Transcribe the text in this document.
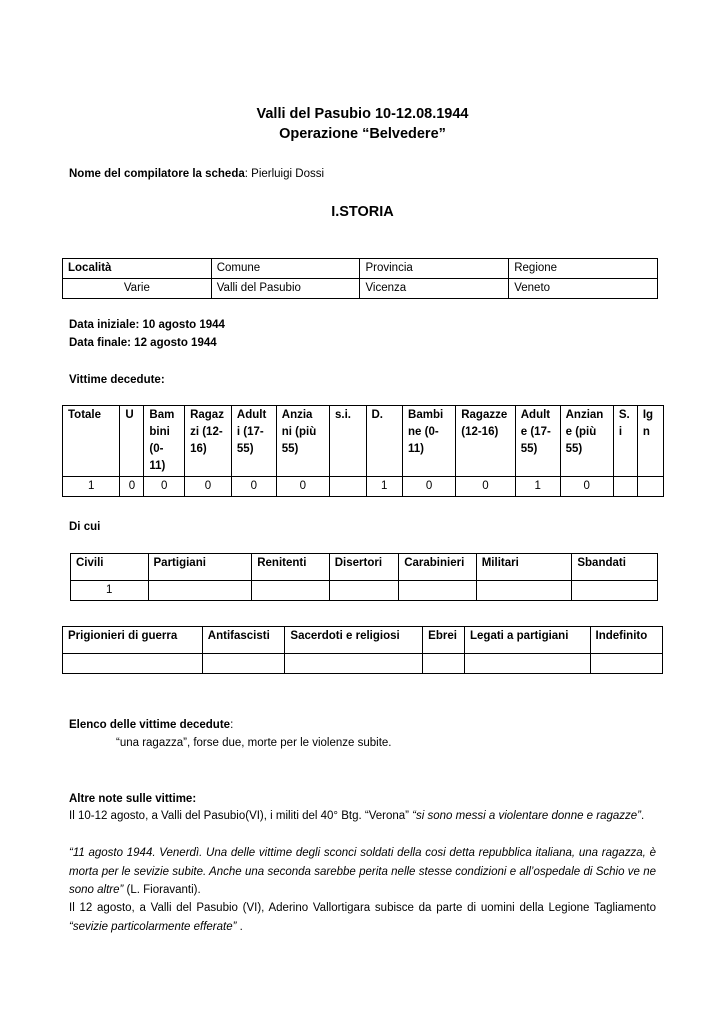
Valli del Pasubio 10-12.08.1944
Operazione “Belvedere”
Nome del compilatore la scheda: Pierluigi Dossi
I.STORIA
Località	Comune	Provincia	Regione
Varie	Valli del Pasubio	Vicenza	Veneto
Data iniziale: 10 agosto 1944
Data finale: 12 agosto 1944
Vittime decedute:
Totale	U	Bam bini (0- 11)	Ragaz zi (12- 16)	Adult i (17- 55)	Anzia ni (più 55)	s.i.	D.	Bambi ne (0- 11)	Ragazze (12-16)	Adult e (17- 55)	Anzian e (più 55)	S. i	Ig n
1	0	0	0	0	0		1	0	0	1	0		
Di cui
Civili	Partigiani	Renitenti	Disertori	Carabinieri	Militari	Sbandati
1						
Prigionieri di guerra	Antifascisti	Sacerdoti e religiosi	Ebrei	Legati a partigiani	Indefinito

Elenco delle vittime decedute:
“una ragazza”, forse due, morte per le violenze subite.
Altre note sulle vittime:
Il 10-12 agosto, a Valli del Pasubio(VI), i militi del 40° Btg. “Verona” “si sono messi a violentare donne e ragazze”.
“11 agosto 1944. Venerdì. Una delle vittime degli sconci soldati della cosi detta repubblica italiana, una ragazza, è morta per le sevizie subite. Anche una seconda sarebbe perita nelle stesse condizioni e all’ospedale di Schio ve ne sono altre” (L. Fioravanti).
Il 12 agosto, a Valli del Pasubio (VI), Aderino Vallortigara subisce da parte di uomini della Legione Tagliamento “sevizie particolarmente efferate” .
